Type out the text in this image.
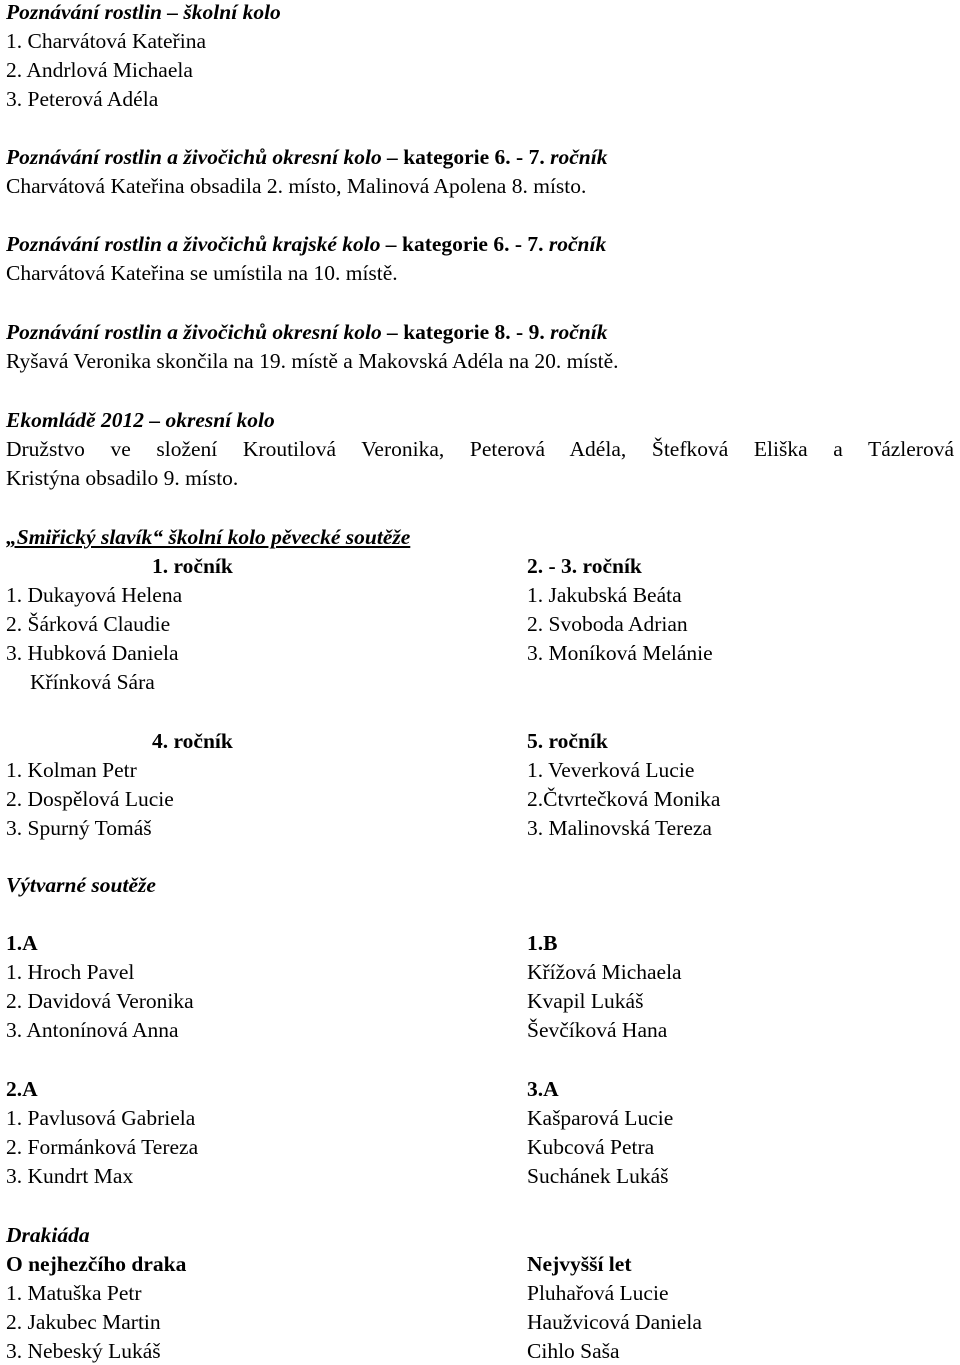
Poznávání rostlin – školní kolo
1. Charvátová Kateřina
2. Andrlová Michaela
3. Peterová Adéla
Poznávání rostlin a živočichů okresní kolo – kategorie 6. - 7. ročník
Charvátová Kateřina obsadila 2. místo, Malinová Apolena 8. místo.
Poznávání rostlin a živočichů krajské kolo – kategorie 6. - 7. ročník
Charvátová Kateřina se umístila na 10. místě.
Poznávání rostlin a živočichů okresní kolo – kategorie 8. - 9. ročník
Ryšavá Veronika skončila na 19. místě a Makovská Adéla na 20. místě.
Ekomládě 2012 – okresní kolo
Družstvo ve složení Kroutilová Veronika, Peterová Adéla, Štefková Eliška a Tázlerová
Kristýna obsadilo 9. místo.
„Smiřický slavík“ školní kolo pěvecké soutěže
1. ročník	2. - 3. ročník
1. Dukayová Helena	1. Jakubská Beáta
2. Šárková Claudie	2. Svoboda Adrian
3. Hubková Daniela	3. Moníková Melánie
Křínková Sára
4. ročník	5. ročník
1. Kolman Petr	1. Veverková Lucie
2. Dospělová Lucie	2.Čtvrtečková Monika
3. Spurný Tomáš	3. Malinovská Tereza
Výtvarné soutěže
1.A	1.B
1. Hroch Pavel	Křížová Michaela
2. Davidová Veronika	Kvapil Lukáš
3. Antonínová Anna	Ševčíková Hana
2.A	3.A
1. Pavlusová Gabriela	Kašparová Lucie
2. Formánková Tereza	Kubcová Petra
3. Kundrt Max	Suchánek Lukáš
Drakiáda
O nejhezčího draka	Nejvyšší let
1. Matuška Petr	Pluhařová Lucie
2. Jakubec Martin	Haužvicová Daniela
3. Nebeský Lukáš	Cihlo Saša
